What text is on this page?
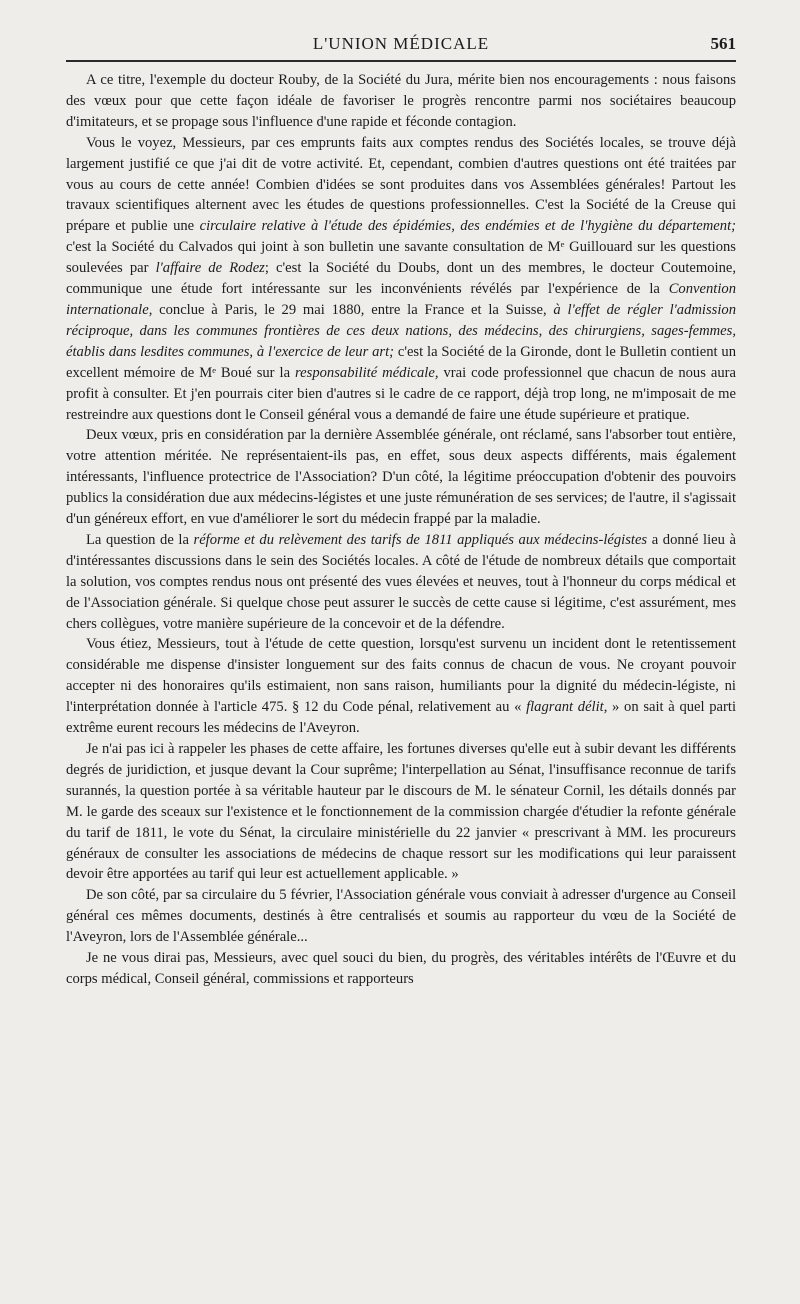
L'UNION MÉDICALE	561

A ce titre, l'exemple du docteur Rouby, de la Société du Jura, mérite bien nos encouragements : nous faisons des vœux pour que cette façon idéale de favoriser le progrès rencontre parmi nos sociétaires beaucoup d'imitateurs, et se propage sous l'influence d'une rapide et féconde contagion.

Vous le voyez, Messieurs, par ces emprunts faits aux comptes rendus des Sociétés locales, se trouve déjà largement justifié ce que j'ai dit de votre activité. Et, cependant, combien d'autres questions ont été traitées par vous au cours de cette année! Combien d'idées se sont produites dans vos Assemblées générales! Partout les travaux scientifiques alternent avec les études de questions professionnelles. C'est la Société de la Creuse qui prépare et publie une circulaire relative à l'étude des épidémies, des endémies et de l'hygiène du département; c'est la Société du Calvados qui joint à son bulletin une savante consultation de Mᵉ Guillouard sur les questions soulevées par l'affaire de Rodez; c'est la Société du Doubs, dont un des membres, le docteur Coutemoine, communique une étude fort intéressante sur les inconvénients révélés par l'expérience de la Convention internationale, conclue à Paris, le 29 mai 1880, entre la France et la Suisse, à l'effet de régler l'admission réciproque, dans les communes frontières de ces deux nations, des médecins, des chirurgiens, sages-femmes, établis dans lesdites communes, à l'exercice de leur art; c'est la Société de la Gironde, dont le Bulletin contient un excellent mémoire de Mᵉ Boué sur la responsabilité médicale, vrai code professionnel que chacun de nous aura profit à consulter. Et j'en pourrais citer bien d'autres si le cadre de ce rapport, déjà trop long, ne m'imposait de me restreindre aux questions dont le Conseil général vous a demandé de faire une étude supérieure et pratique.

Deux vœux, pris en considération par la dernière Assemblée générale, ont réclamé, sans l'absorber tout entière, votre attention méritée. Ne représentaient-ils pas, en effet, sous deux aspects différents, mais également intéressants, l'influence protectrice de l'Association? D'un côté, la légitime préoccupation d'obtenir des pouvoirs publics la considération due aux médecins-légistes et une juste rémunération de ses services; de l'autre, il s'agissait d'un généreux effort, en vue d'améliorer le sort du médecin frappé par la maladie.

La question de la réforme et du relèvement des tarifs de 1811 appliqués aux médecins-légistes a donné lieu à d'intéressantes discussions dans le sein des Sociétés locales. A côté de l'étude de nombreux détails que comportait la solution, vos comptes rendus nous ont présenté des vues élevées et neuves, tout à l'honneur du corps médical et de l'Association générale. Si quelque chose peut assurer le succès de cette cause si légitime, c'est assurément, mes chers collègues, votre manière supérieure de la concevoir et de la défendre.

Vous étiez, Messieurs, tout à l'étude de cette question, lorsqu'est survenu un incident dont le retentissement considérable me dispense d'insister longuement sur des faits connus de chacun de vous. Ne croyant pouvoir accepter ni des honoraires qu'ils estimaient, non sans raison, humiliants pour la dignité du médecin-légiste, ni l'interprétation donnée à l'article 475. § 12 du Code pénal, relativement au « flagrant délit, » on sait à quel parti extrême eurent recours les médecins de l'Aveyron.

Je n'ai pas ici à rappeler les phases de cette affaire, les fortunes diverses qu'elle eut à subir devant les différents degrés de juridiction, et jusque devant la Cour suprême; l'interpellation au Sénat, l'insuffisance reconnue de tarifs surannés, la question portée à sa véritable hauteur par le discours de M. le sénateur Cornil, les détails donnés par M. le garde des sceaux sur l'existence et le fonctionnement de la commission chargée d'étudier la refonte générale du tarif de 1811, le vote du Sénat, la circulaire ministérielle du 22 janvier « prescrivant à MM. les procureurs généraux de consulter les associations de médecins de chaque ressort sur les modifications qui leur paraissent devoir être apportées au tarif qui leur est actuellement applicable. »

De son côté, par sa circulaire du 5 février, l'Association générale vous conviait à adresser d'urgence au Conseil général ces mêmes documents, destinés à être centralisés et soumis au rapporteur du vœu de la Société de l'Aveyron, lors de l'Assemblée générale...

Je ne vous dirai pas, Messieurs, avec quel souci du bien, du progrès, des véritables intérêts de l'Œuvre et du corps médical, Conseil général, commissions et rapporteurs
